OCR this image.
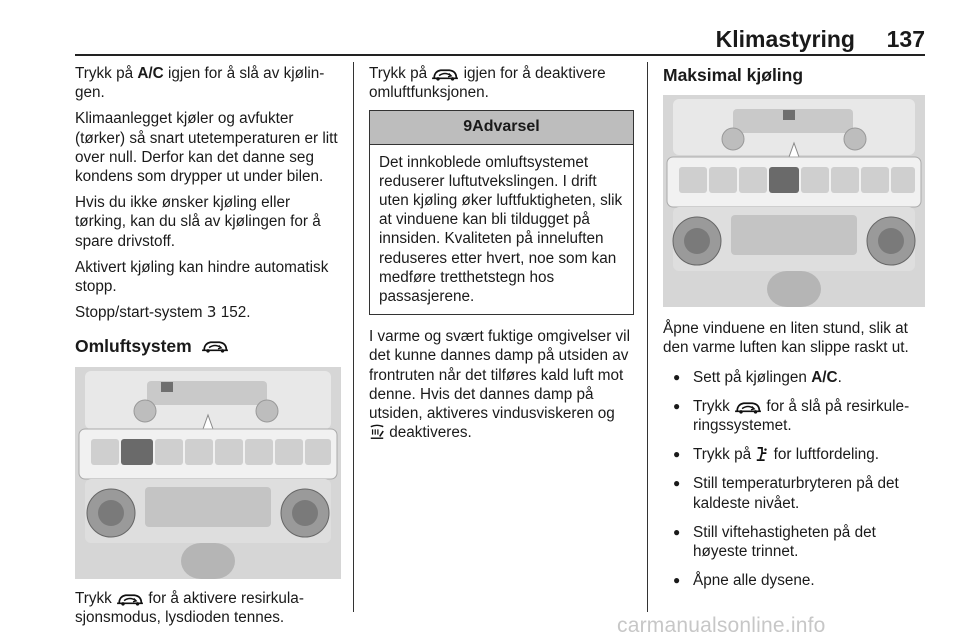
Klimastyring 137

Trykk på A/C igjen for å slå av kjølingen.

Klimaanlegget kjøler og avfukter (tørker) så snart utetemperaturen er litt over null. Derfor kan det danne seg kondens som drypper ut under bilen.

Hvis du ikke ønsker kjøling eller tørking, kan du slå av kjølingen for å spare drivstoff.

Aktivert kjøling kan hindre automatisk stopp.

Stopp/start-system 3 152.

Omluftsystem

Trykk  for å aktivere resirkulasjonsmodus, lysdioden tennes.

Trykk på  igjen for å deaktivere omluftfunksjonen.

9Advarsel
Det innkoblede omluftsystemet reduserer luftutvekslingen. I drift uten kjøling øker luftfuktigheten, slik at vinduene kan bli tildugget på innsiden. Kvaliteten på inneluften reduseres etter hvert, noe som kan medføre tretthetstegn hos passasjerene.

I varme og svært fuktige omgivelser vil det kunne dannes damp på utsiden av frontruten når det tilføres kald luft mot denne. Hvis det dannes damp på utsiden, aktiveres vindusviskeren og  deaktiveres.

Maksimal kjøling

Åpne vinduene en liten stund, slik at den varme luften kan slippe raskt ut.

● Sett på kjølingen A/C.
● Trykk  for å slå på resirkuleringssystemet.
● Trykk på  for luftfordeling.
● Still temperaturbryteren på det kaldeste nivået.
● Still viftehastigheten på det høyeste trinnet.
● Åpne alle dysene.
carmanualsonline.info
